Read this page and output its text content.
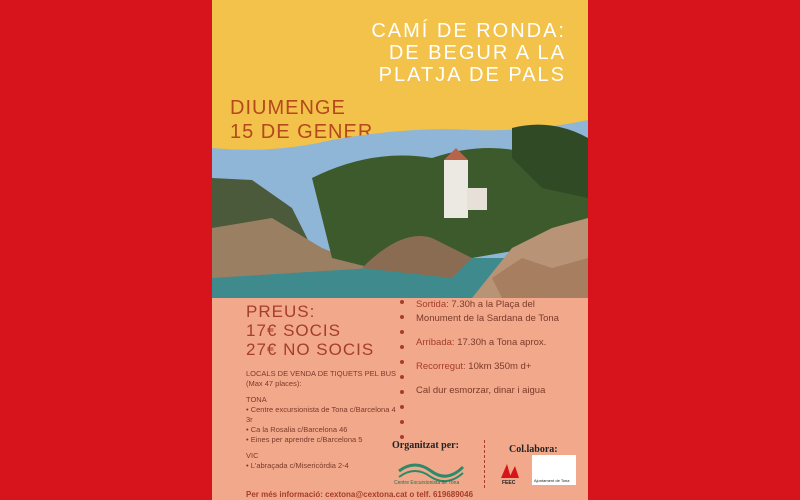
CAMÍ DE RONDA:
DE BEGUR A LA
PLATJA DE PALS
DIUMENGE
15 DE GENER
PREUS:
17€ SOCIS
27€ NO SOCIS
LOCALS DE VENDA DE TIQUETS PEL BUS (Max 47 places):
TONA
• Centre excursionista de Tona c/Barcelona 4 3r
• Ca la Rosalia c/Barcelona 46
• Eines per aprendre c/Barcelona 5
VIC
• L'abraçada c/Misericòrdia 2-4

Sortida: 7.30h a la Plaça del Monument de la Sardana de Tona

Arribada: 17.30h a Tona aprox.

Recorregut: 10km 350m d+

Cal dur esmorzar, dinar i aigua

Organitzat per:
Centre Excursionista de Tona
Col.labora:
FEEC	Ajuntament de Tona
Per més informació: cextona@cextona.cat o telf. 619689046
